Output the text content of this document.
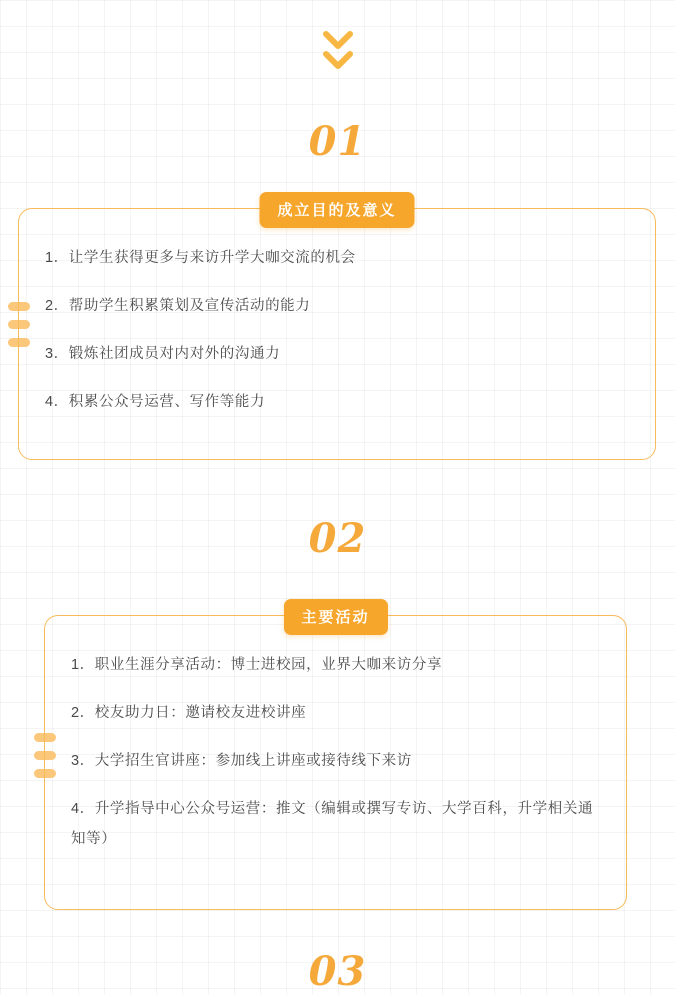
01
成立目的及意义

1．让学生获得更多与来访升学大咖交流的机会

2．帮助学生积累策划及宣传活动的能力

3．锻炼社团成员对内对外的沟通力

4．积累公众号运营、写作等能力

02
主要活动

1．职业生涯分享活动：博士进校园，业界大咖来访分享

2．校友助力日：邀请校友进校讲座

3．大学招生官讲座：参加线上讲座或接待线下来访

4．升学指导中心公众号运营：推文（编辑或撰写专访、大学百科，升学相关通知等）

03
